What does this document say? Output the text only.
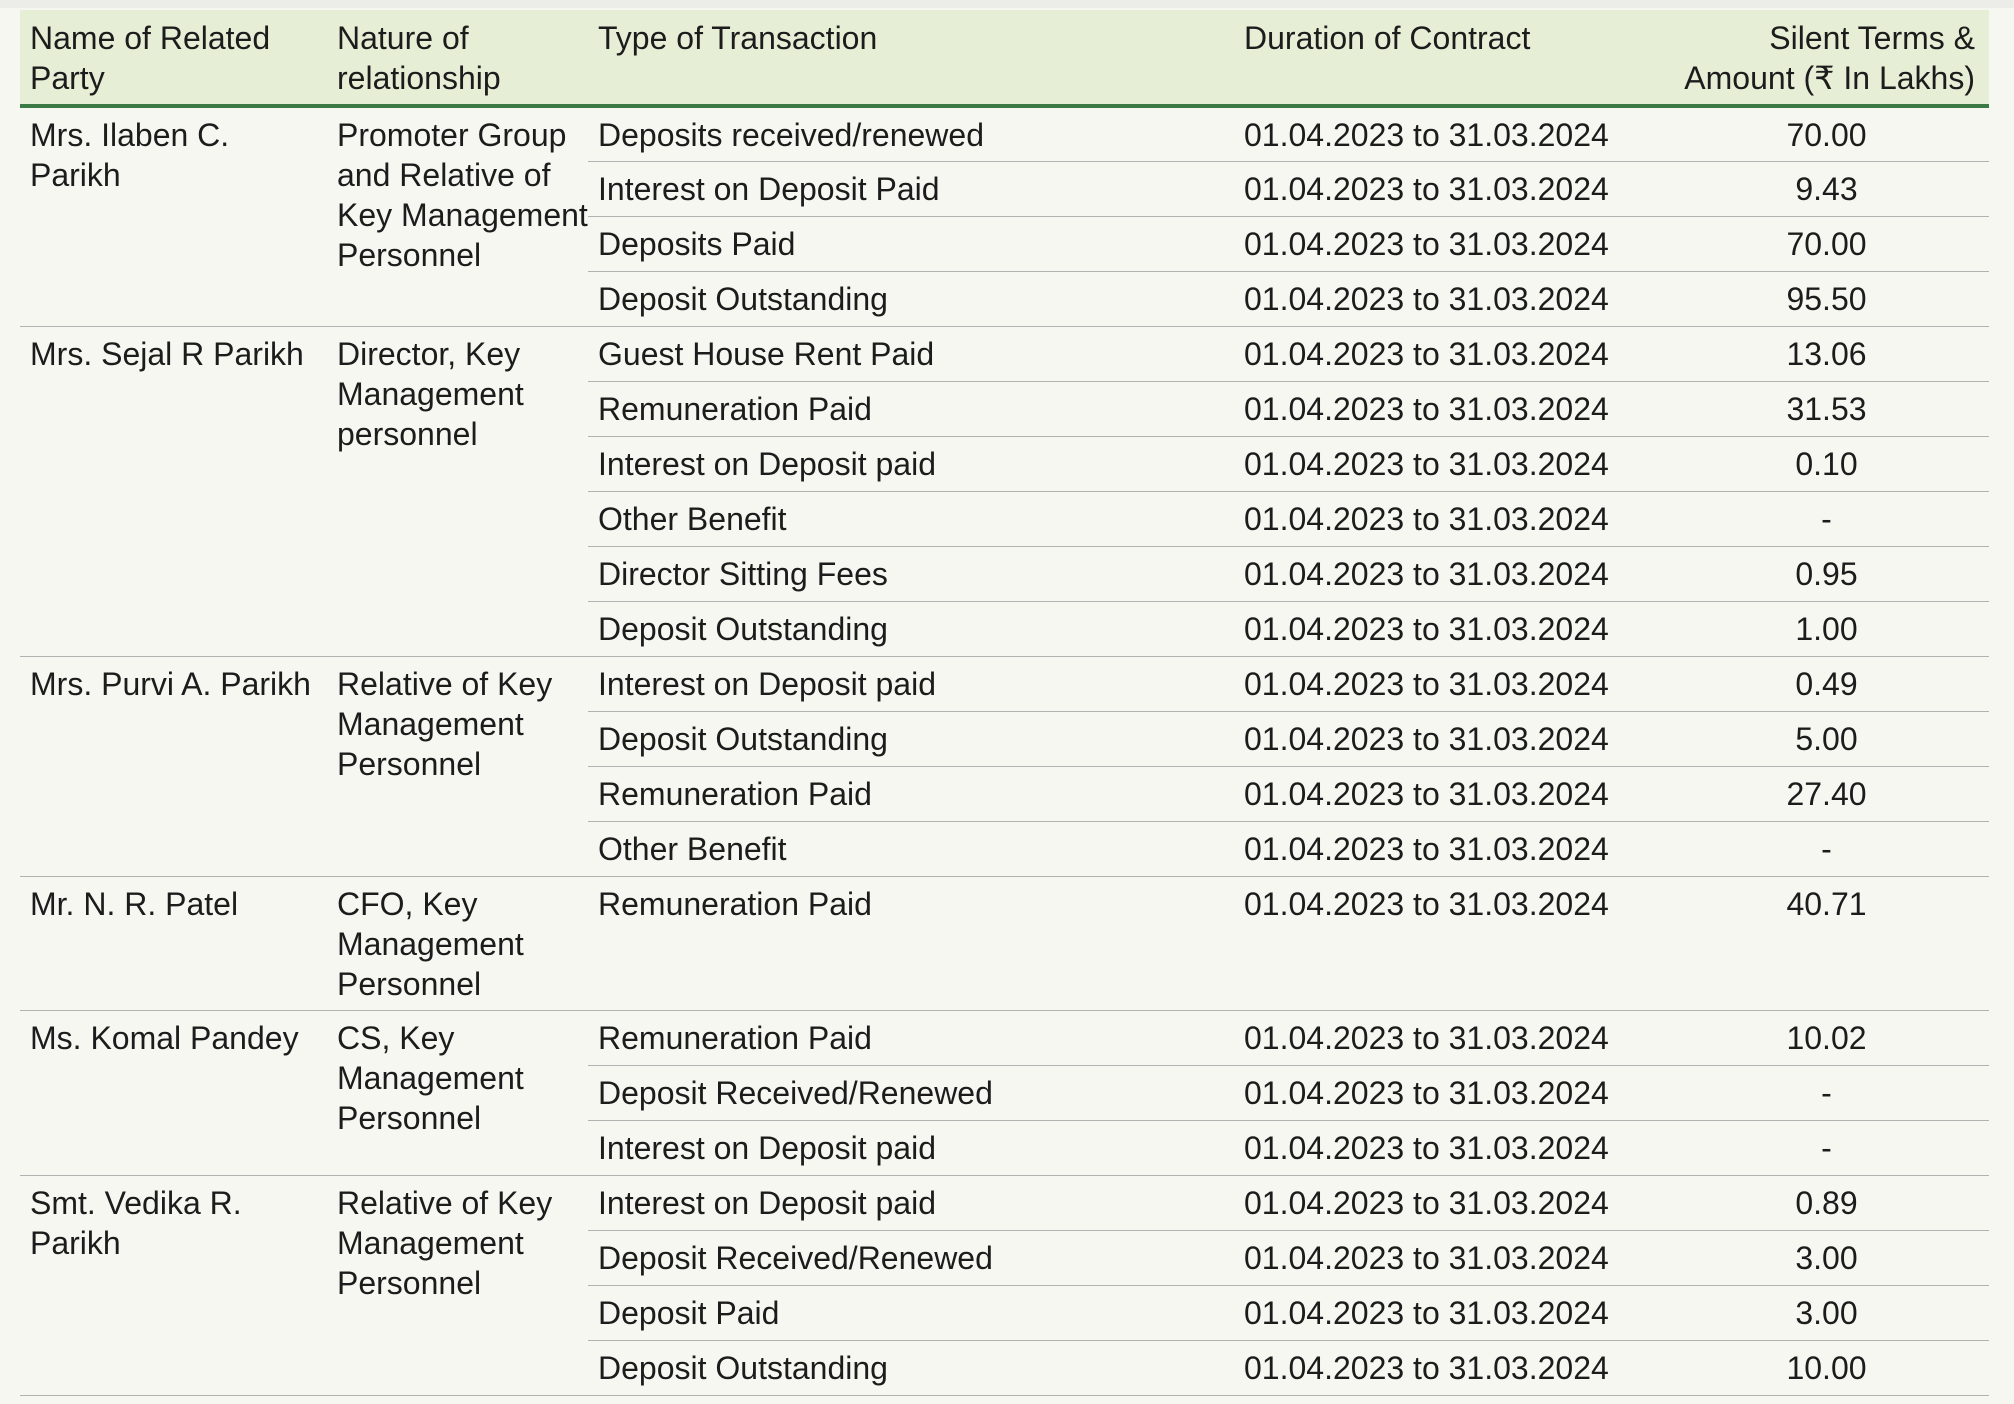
Name of Related Party	Nature of relationship	Type of Transaction	Duration of Contract	Silent Terms & Amount (₹ In Lakhs)
Mrs. Ilaben C. Parikh	Promoter Group and Relative of Key Management Personnel	Deposits received/renewed	01.04.2023 to 31.03.2024	70.00
		Interest on Deposit Paid	01.04.2023 to 31.03.2024	9.43
		Deposits Paid	01.04.2023 to 31.03.2024	70.00
		Deposit Outstanding	01.04.2023 to 31.03.2024	95.50
Mrs. Sejal R Parikh	Director, Key Management personnel	Guest House Rent Paid	01.04.2023 to 31.03.2024	13.06
		Remuneration Paid	01.04.2023 to 31.03.2024	31.53
		Interest on Deposit paid	01.04.2023 to 31.03.2024	0.10
		Other Benefit	01.04.2023 to 31.03.2024	-
		Director Sitting Fees	01.04.2023 to 31.03.2024	0.95
		Deposit Outstanding	01.04.2023 to 31.03.2024	1.00
Mrs. Purvi A. Parikh	Relative of Key Management Personnel	Interest on Deposit paid	01.04.2023 to 31.03.2024	0.49
		Deposit Outstanding	01.04.2023 to 31.03.2024	5.00
		Remuneration Paid	01.04.2023 to 31.03.2024	27.40
		Other Benefit	01.04.2023 to 31.03.2024	-
Mr. N. R. Patel	CFO, Key Management Personnel	Remuneration Paid	01.04.2023 to 31.03.2024	40.71
Ms. Komal Pandey	CS, Key Management Personnel	Remuneration Paid	01.04.2023 to 31.03.2024	10.02
		Deposit Received/Renewed	01.04.2023 to 31.03.2024	-
		Interest on Deposit paid	01.04.2023 to 31.03.2024	-
Smt. Vedika R. Parikh	Relative of Key Management Personnel	Interest on Deposit paid	01.04.2023 to 31.03.2024	0.89
		Deposit Received/Renewed	01.04.2023 to 31.03.2024	3.00
		Deposit Paid	01.04.2023 to 31.03.2024	3.00
		Deposit Outstanding	01.04.2023 to 31.03.2024	10.00
